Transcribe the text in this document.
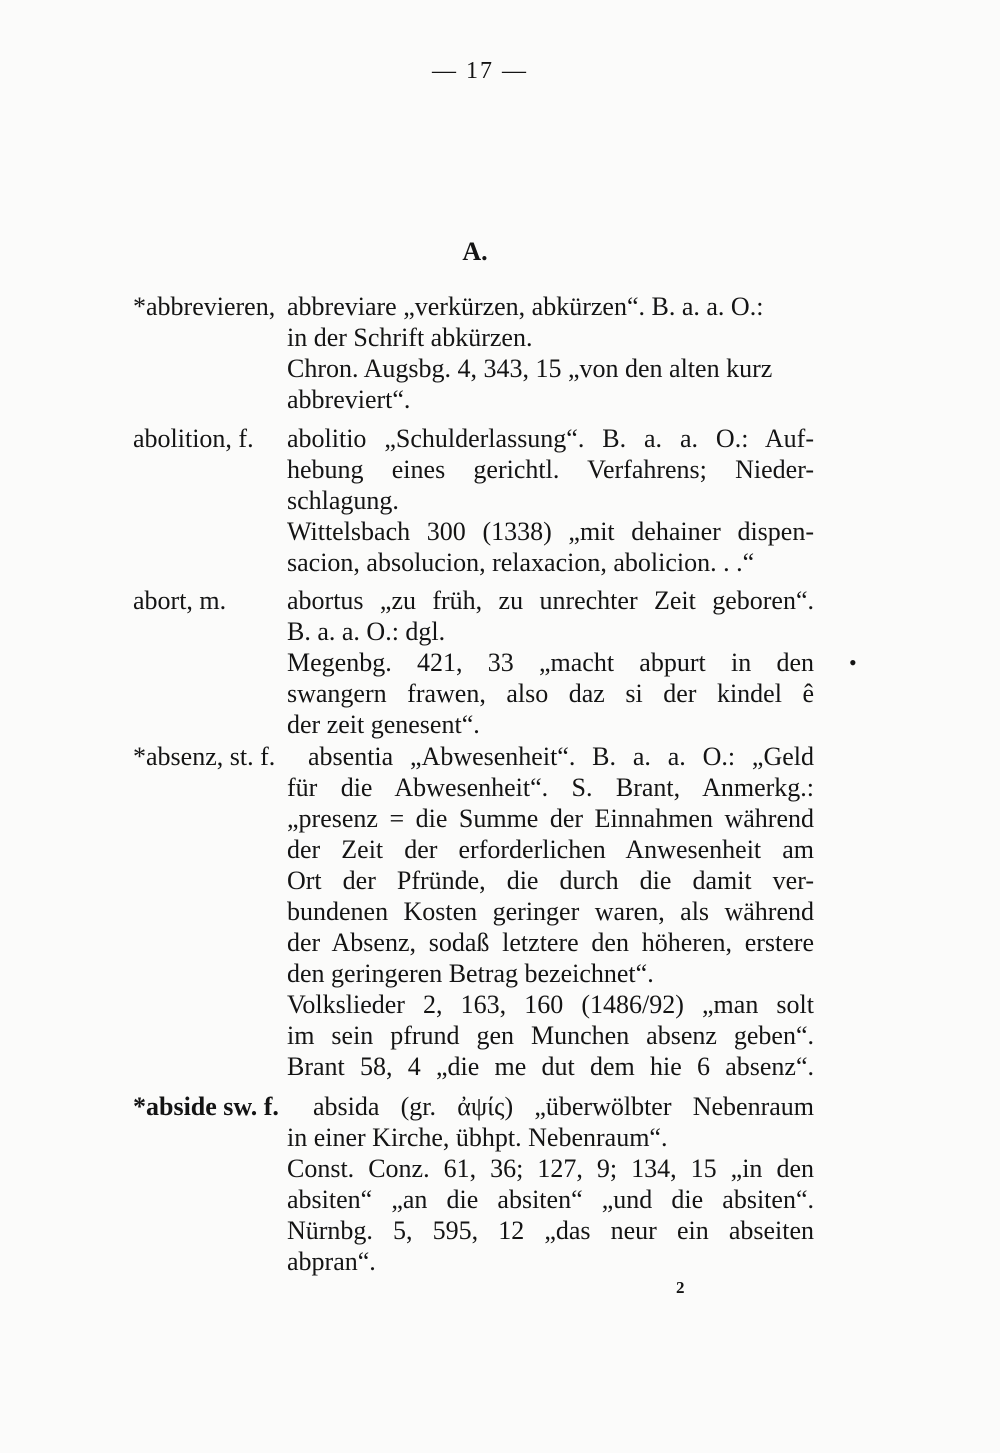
— 17 —
A.
*abbrevieren, abbreviare „verkürzen, abkürzen“. B. a. a. O.:
in der Schrift abkürzen.
Chron. Augsbg. 4, 343, 15 „von den alten kurz
abbreviert“.
abolition, f. abolitio „Schulderlassung“. B. a. a. O.: Auf-
hebung eines gerichtl. Verfahrens; Nieder-
schlagung.
Wittelsbach 300 (1338) „mit dehainer dispen-
sacion, absolucion, relaxacion, abolicion. . .“
abort, m. abortus „zu früh, zu unrechter Zeit geboren“.
B. a. a. O.: dgl.
Megenbg. 421, 33 „macht abpurt in den
swangern frawen, also daz si der kindel ê
der zeit genesent“.
*absenz, st. f. absentia „Abwesenheit“. B. a. a. O.: „Geld
für die Abwesenheit“. S. Brant, Anmerkg.:
„presenz = die Summe der Einnahmen während
der Zeit der erforderlichen Anwesenheit am
Ort der Pfründe, die durch die damit ver-
bundenen Kosten geringer waren, als während
der Absenz, sodaß letztere den höheren, erstere
den geringeren Betrag bezeichnet“.
Volkslieder 2, 163, 160 (1486/92) „man solt
im sein pfrund gen Munchen absenz geben“.
Brant 58, 4 „die me dut dem hie 6 absenz“.
*abside sw. f. absida (gr. ἀψίς) „überwölbter Nebenraum
in einer Kirche, übhpt. Nebenraum“.
Const. Conz. 61, 36; 127, 9; 134, 15 „in den
absiten“ „an die absiten“ „und die absiten“.
Nürnbg. 5, 595, 12 „das neur ein abseiten
abpran“.
•
2
